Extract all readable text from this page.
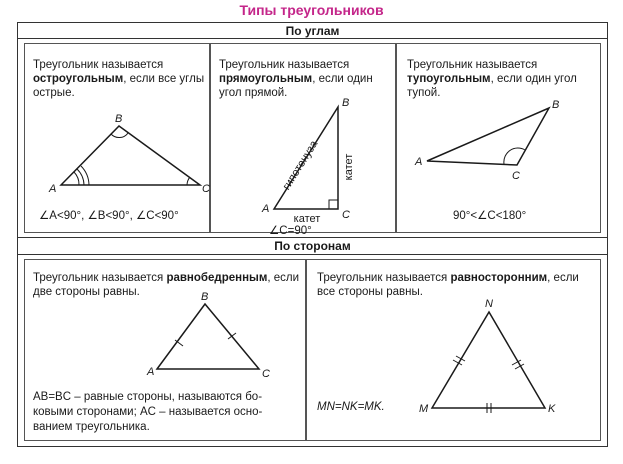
Типы треугольников
По углам
Треугольник называется остроугольным, если все углы острые.
A
B
C
∠A<90°, ∠B<90°, ∠C<90°
Треугольник называется прямоугольным, если один угол прямой.
A
B
C
гипотенуза катет
катет
∠C=90°
Треугольник называется тупоугольным, если один угол тупой.
A
B
C
90°<∠C<180°
По сторонам
Треугольник называется равнобедренным, если две стороны равны.
A
B
C
AB=BC – равные стороны, называются бо-
ковыми сторонами; AC – называется осно-
ванием треугольника.
Треугольник называется равносторонним, если все стороны равны.
M
N
K
MN=NK=MK.
